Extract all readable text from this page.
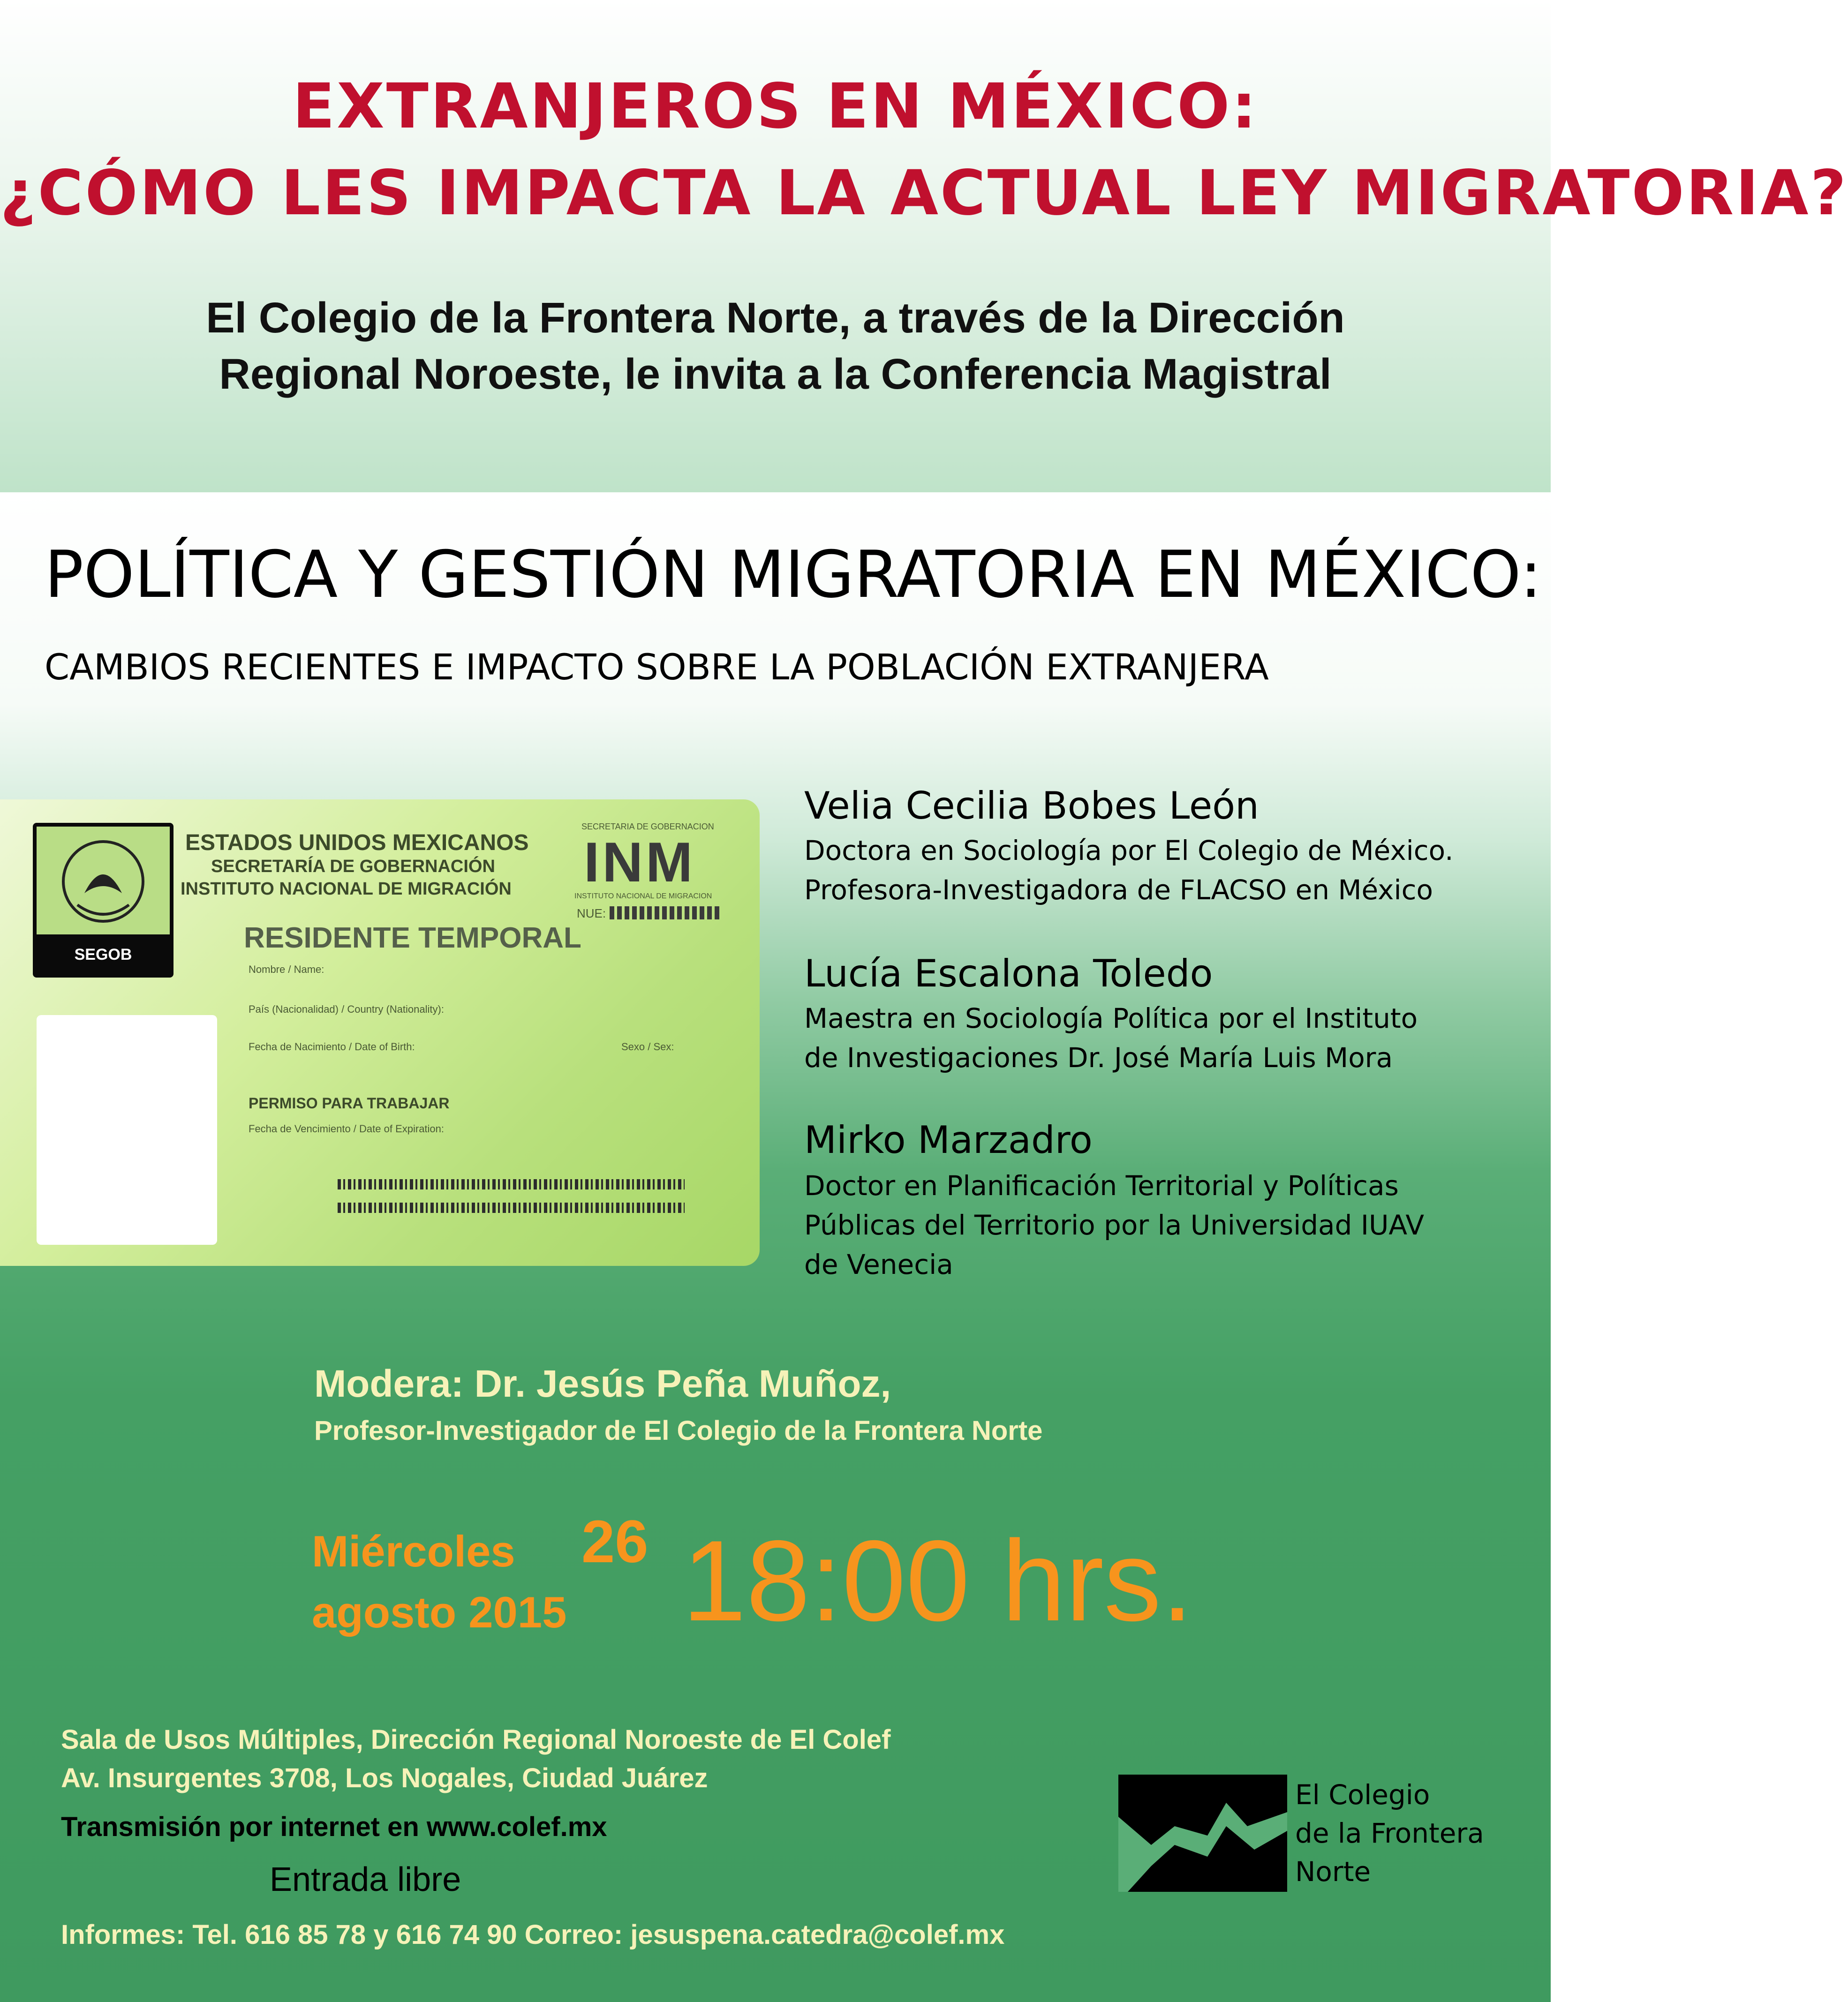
EXTRANJEROS EN MÉXICO:
¿CÓMO LES IMPACTA LA ACTUAL LEY MIGRATORIA?
El Colegio de la Frontera Norte, a través de la Dirección
Regional Noroeste, le invita a la Conferencia Magistral
POLÍTICA Y GESTIÓN MIGRATORIA EN MÉXICO:
CAMBIOS RECIENTES E IMPACTO SOBRE LA POBLACIÓN EXTRANJERA
SEGOB
ESTADOS UNIDOS MEXICANOS
SECRETARÍA DE GOBERNACIÓN
INSTITUTO NACIONAL DE MIGRACIÓN
SECRETARIA DE GOBERNACION
INM
INSTITUTO NACIONAL DE MIGRACION
NUE:
RESIDENTE TEMPORAL
Nombre / Name:
País (Nacionalidad) / Country (Nationality):
Fecha de Nacimiento / Date of Birth:	Sexo / Sex:
PERMISO PARA TRABAJAR
Fecha de Vencimiento / Date of Expiration:
Velia Cecilia Bobes León
Doctora en Sociología por El Colegio de México.
Profesora-Investigadora de FLACSO en México
Lucía Escalona Toledo
Maestra en Sociología Política por el Instituto
de Investigaciones Dr. José María Luis Mora
Mirko Marzadro
Doctor en Planificación Territorial y Políticas
Públicas del Territorio por la Universidad IUAV
de Venecia
Modera: Dr. Jesús Peña Muñoz,
Profesor-Investigador de El Colegio de la Frontera Norte
Miércoles 26
agosto 2015 18:00 hrs.
Sala de Usos Múltiples, Dirección Regional Noroeste de El Colef
Av. Insurgentes 3708, Los Nogales, Ciudad Juárez
Transmisión por internet en www.colef.mx
Entrada libre
Informes: Tel. 616 85 78 y 616 74 90 Correo: jesuspena.catedra@colef.mx
El Colegio
de la Frontera
Norte
